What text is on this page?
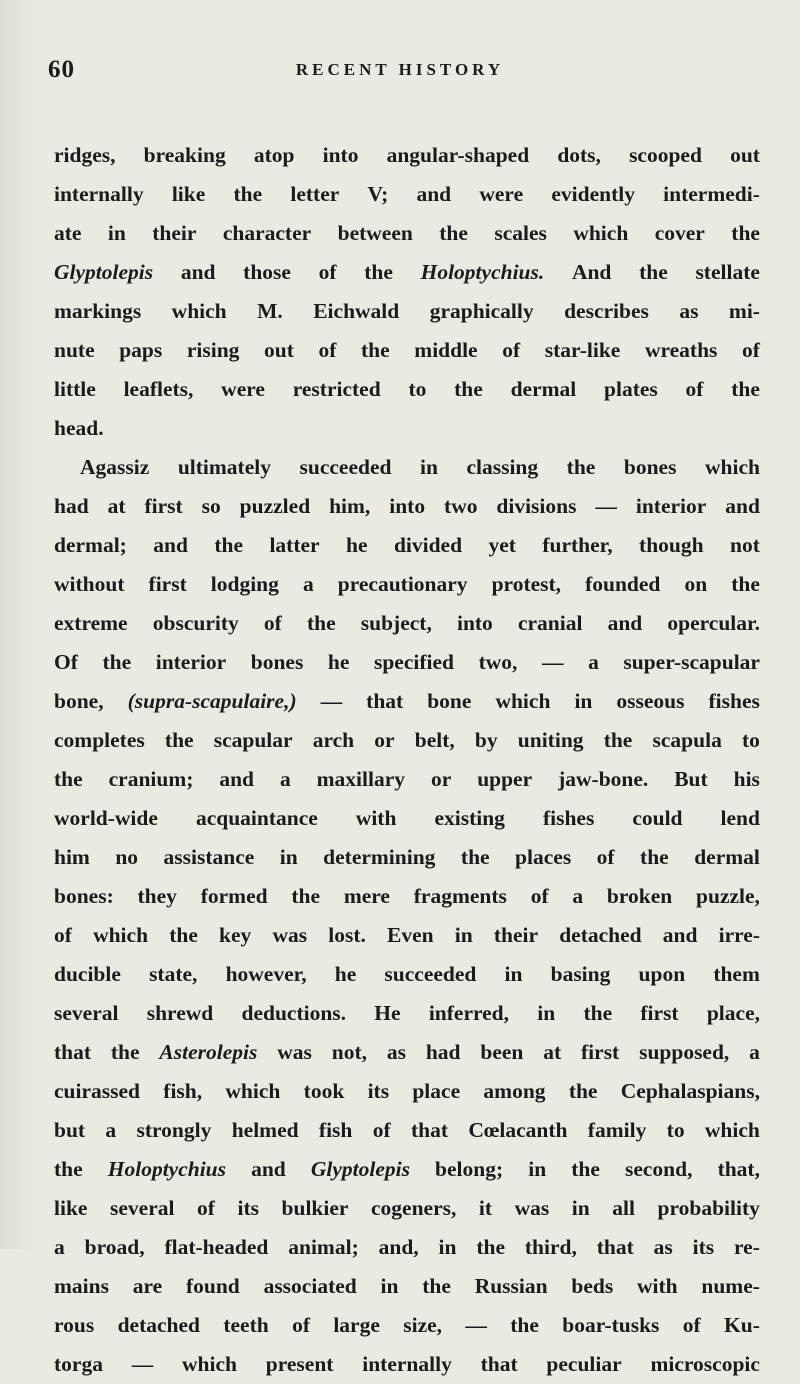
60	RECENT HISTORY
ridges, breaking atop into angular-shaped dots, scooped out
internally like the letter V; and were evidently intermedi-
ate in their character between the scales which cover the
Glyptolepis and those of the Holoptychius. And the stellate
markings which M. Eichwald graphically describes as mi-
nute paps rising out of the middle of star-like wreaths of
little leaflets, were restricted to the dermal plates of the
head.
Agassiz ultimately succeeded in classing the bones which
had at first so puzzled him, into two divisions — interior and
dermal; and the latter he divided yet further, though not
without first lodging a precautionary protest, founded on the
extreme obscurity of the subject, into cranial and opercular.
Of the interior bones he specified two, — a super-scapular
bone, (supra-scapulaire,) — that bone which in osseous fishes
completes the scapular arch or belt, by uniting the scapula to
the cranium; and a maxillary or upper jaw-bone. But his
world-wide acquaintance with existing fishes could lend
him no assistance in determining the places of the dermal
bones: they formed the mere fragments of a broken puzzle,
of which the key was lost. Even in their detached and irre-
ducible state, however, he succeeded in basing upon them
several shrewd deductions. He inferred, in the first place,
that the Asterolepis was not, as had been at first supposed, a
cuirassed fish, which took its place among the Cephalaspians,
but a strongly helmed fish of that Cœlacanth family to which
the Holoptychius and Glyptolepis belong; in the second, that,
like several of its bulkier cogeners, it was in all probability
a broad, flat-headed animal; and, in the third, that as its re-
mains are found associated in the Russian beds with nume-
rous detached teeth of large size, — the boar-tusks of Ku-
torga — which present internally that peculiar microscopic
